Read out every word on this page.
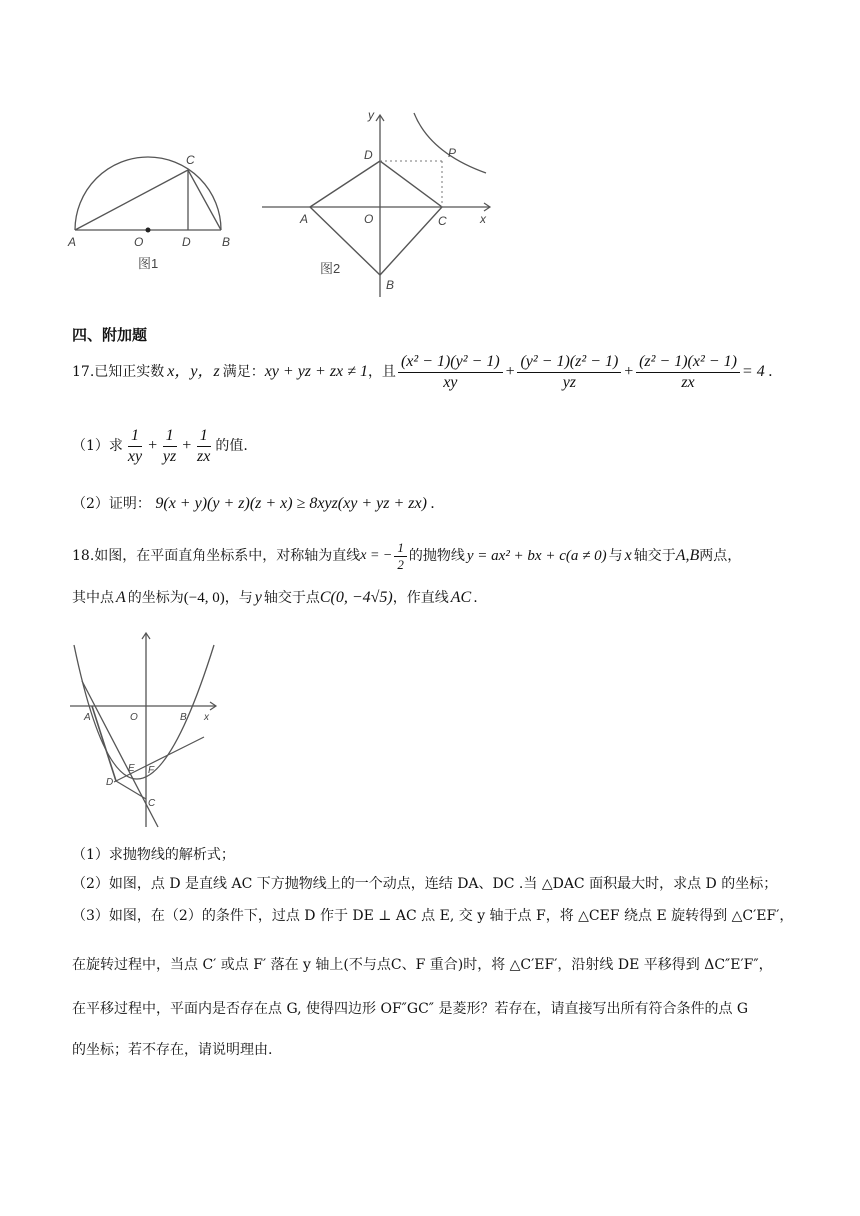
A	O	D	B
C
图1
y
x
D	P
A	O	C
B
图2
四、附加题
17.已知正实数 x，y，z 满足： xy + yz + zx ≠ 1 ，且 $\frac{\text{(x² − 1)(y² − 1)}}{xy} + \frac{\text{(y² − 1)(z² − 1)}}{yz} + \frac{\text{(z² − 1)(x² − 1)}}{zx} = 4$ .
（1）求 $\frac{1}{xy} + \frac{1}{yz} + \frac{1}{zx}$ 的值.
（2）证明： 9(x + y)(y + z)(z + x) ≥ 8xyz(xy + yz + zx) .
18.如图，在平面直角坐标系中，对称轴为直线 x = − $\frac{1}{2}$ 的抛物线 y = ax² + bx + c(a ≠ 0) 与 x 轴交于 A,B 两点，
其中点 A 的坐标为 (−4, 0) ，与 y 轴交于点 C(0, −4√5) ，作直线 AC .
A	O	B x
D
E F
C
（1）求抛物线的解析式；
（2）如图，点 D 是直线 AC 下方抛物线上的一个动点，连结 DA、DC .当 △DAC 面积最大时，求点 D 的坐标；
（3）如图，在（2）的条件下，过点 D 作于 DE ⊥ AC 点 E, 交 y 轴于点 F，将 △CEF 绕点 E 旋转得到 △C′EF′，
在旋转过程中，当点 C′ 或点 F′ 落在 y 轴上(不与点C、F 重合)时，将 △C′EF′，沿射线 DE 平移得到 ΔC″E′F″，
在平移过程中，平面内是否存在点 G, 使得四边形 OF″GC″ 是菱形？若存在，请直接写出所有符合条件的点 G
的坐标；若不存在，请说明理由.
